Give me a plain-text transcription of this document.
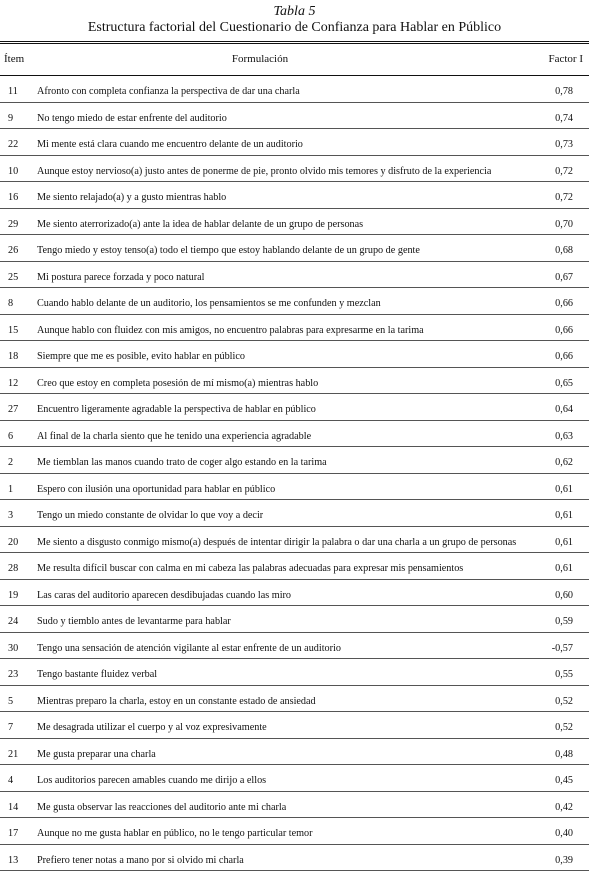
Tabla 5
Estructura factorial del Cuestionario de Confianza para Hablar en Público
Ítem	Formulación	Factor I
11 Afronto con completa confianza la perspectiva de dar una charla	0,78
9 No tengo miedo de estar enfrente del auditorio	0,74
22 Mi mente está clara cuando me encuentro delante de un auditorio	0,73
10 Aunque estoy nervioso(a) justo antes de ponerme de pie, pronto olvido mis temores y disfruto de la experiencia	0,72
16 Me siento relajado(a) y a gusto mientras hablo	0,72
29 Me siento aterrorizado(a) ante la idea de hablar delante de un grupo de personas	0,70
26 Tengo miedo y estoy tenso(a) todo el tiempo que estoy hablando delante de un grupo de gente	0,68
25 Mi postura parece forzada y poco natural	0,67
8 Cuando hablo delante de un auditorio, los pensamientos se me confunden y mezclan	0,66
15 Aunque hablo con fluidez con mis amigos, no encuentro palabras para expresarme en la tarima	0,66
18 Siempre que me es posible, evito hablar en público	0,66
12 Creo que estoy en completa posesión de mí mismo(a) mientras hablo	0,65
27 Encuentro ligeramente agradable la perspectiva de hablar en público	0,64
6 Al final de la charla siento que he tenido una experiencia agradable	0,63
2 Me tiemblan las manos cuando trato de coger algo estando en la tarima	0,62
1 Espero con ilusión una oportunidad para hablar en público	0,61
3 Tengo un miedo constante de olvidar lo que voy a decir	0,61
20 Me siento a disgusto conmigo mismo(a) después de intentar dirigir la palabra o dar una charla a un grupo de personas	0,61
28 Me resulta difícil buscar con calma en mi cabeza las palabras adecuadas para expresar mis pensamientos	0,61
19 Las caras del auditorio aparecen desdibujadas cuando las miro	0,60
24 Sudo y tiemblo antes de levantarme para hablar	0,59
30 Tengo una sensación de atención vigilante al estar enfrente de un auditorio	-0,57
23 Tengo bastante fluidez verbal	0,55
5 Mientras preparo la charla, estoy en un constante estado de ansiedad	0,52
7 Me desagrada utilizar el cuerpo y al voz expresivamente	0,52
21 Me gusta preparar una charla	0,48
4 Los auditorios parecen amables cuando me dirijo a ellos	0,45
14 Me gusta observar las reacciones del auditorio ante mi charla	0,42
17 Aunque no me gusta hablar en público, no le tengo particular temor	0,40
13 Prefiero tener notas a mano por si olvido mi charla	0,39
